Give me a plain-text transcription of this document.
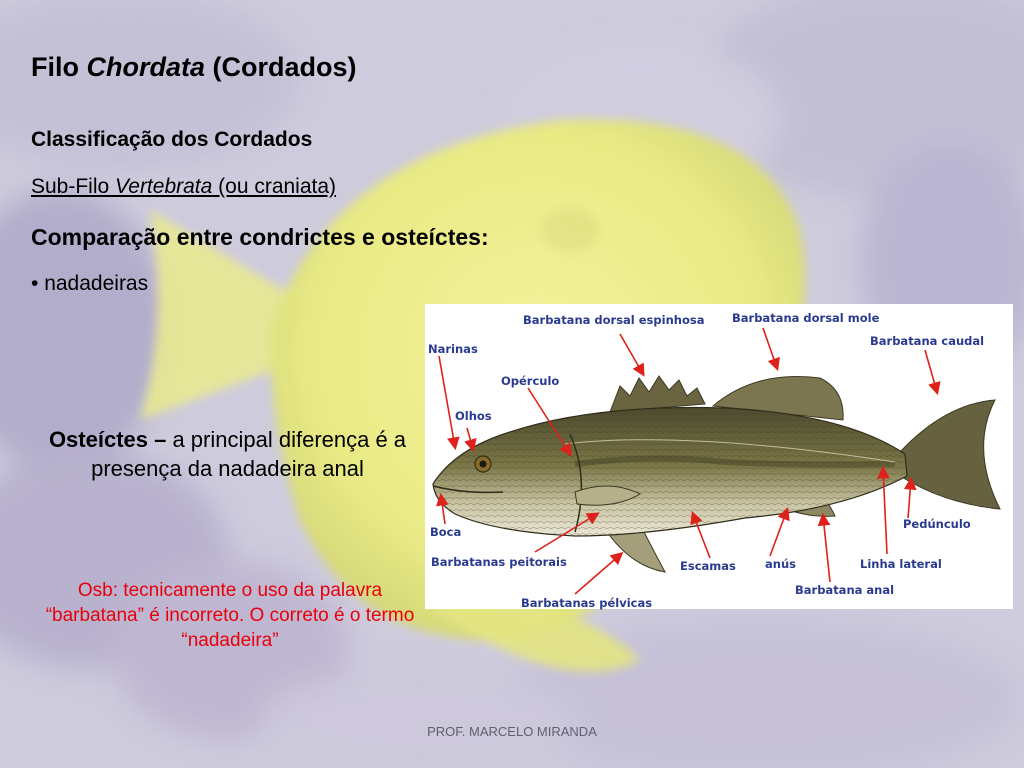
Filo Chordata (Cordados)
Classificação dos Cordados
Sub-Filo Vertebrata (ou craniata)
Comparação entre condrictes e osteíctes:
• nadadeiras
Osteíctes – a principal diferença é a presença da nadadeira anal
Osb: tecnicamente o uso da palavra “barbatana” é incorreto. O correto é o termo “nadadeira”
PROF. MARCELO MIRANDA
Barbatana dorsal espinhosa Barbatana dorsal mole
Barbatana caudal
Narinas
Opérculo
Olhos
Boca
Barbatanas peitorais	Escamas	anús	Linha lateral
Pedúnculo
Barbatana anal
Barbatanas pélvicas
